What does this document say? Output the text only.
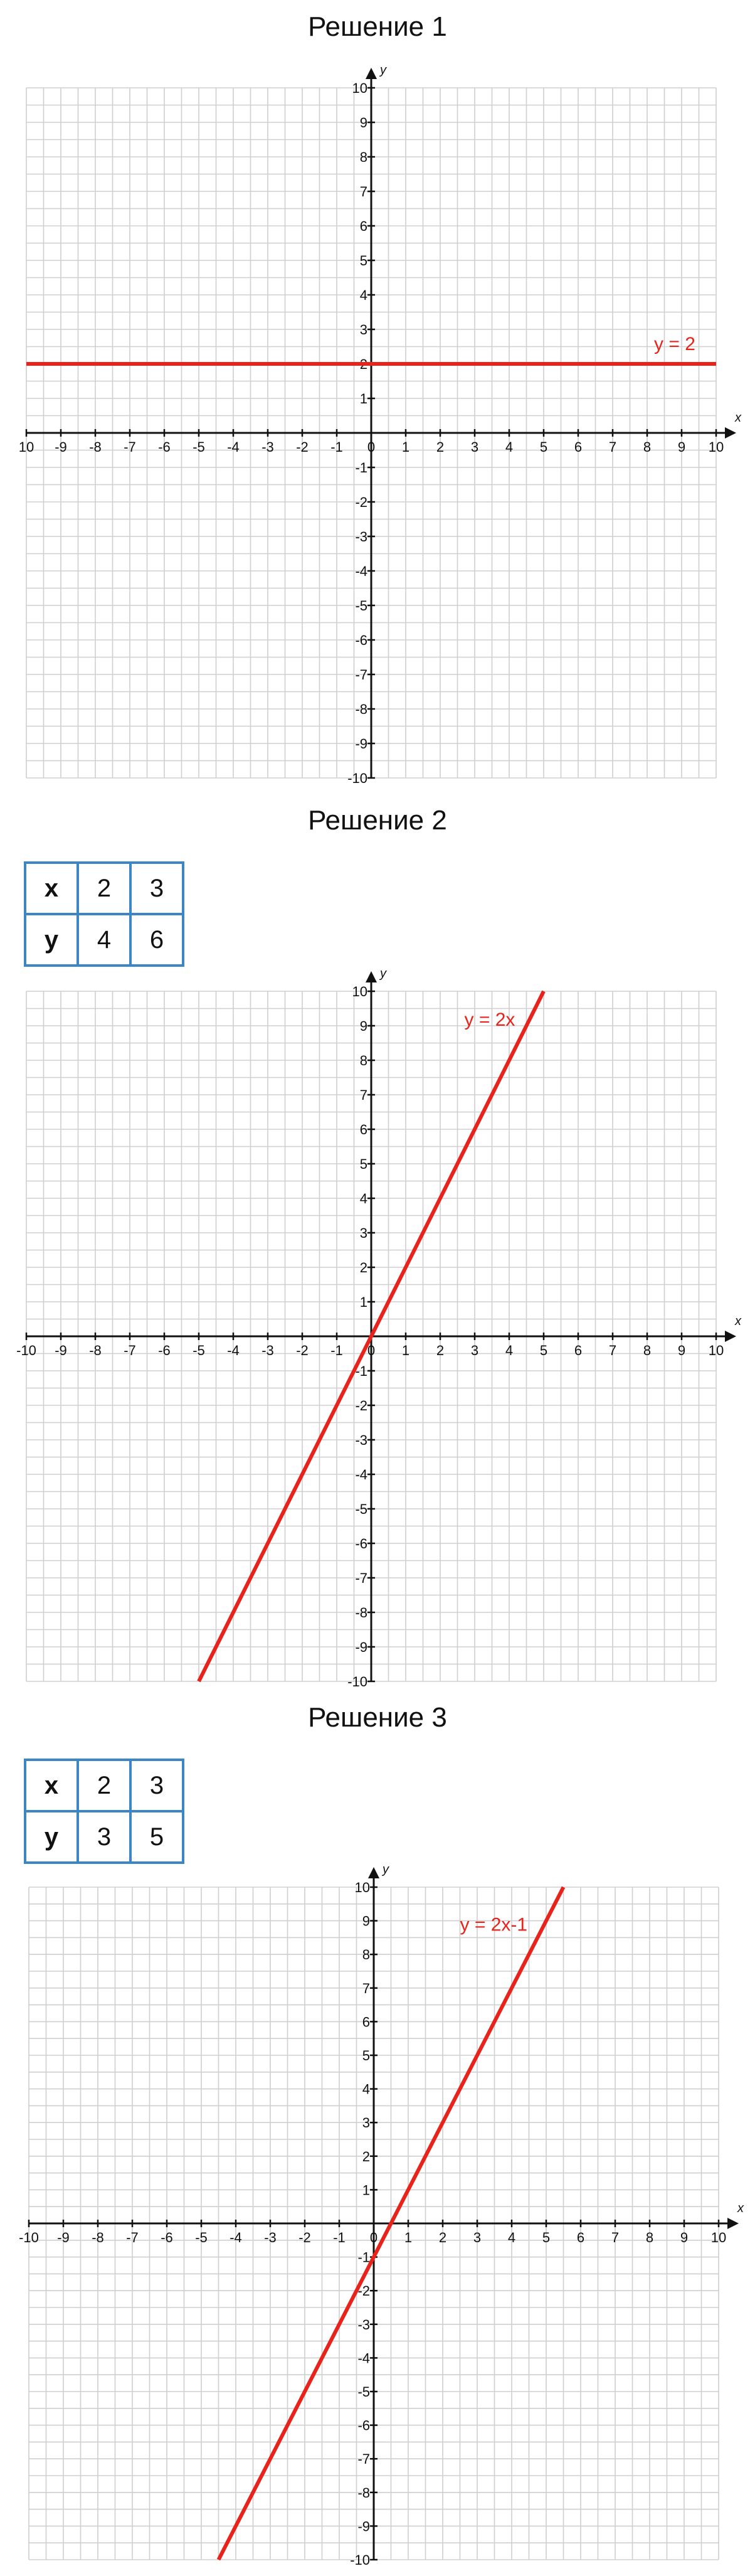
Решение 1
x
y
10 -9 -8 -7 -6 -5 -4 -3 -2 -1 0 1 2 3 4 5 6 7 8 9 10
10
9
8
7
6
5
4
3
2
1
-1
-2
-3
-4
-5
-6
-7
-8
-9
-10
y = 2
Решение 2
x	2	3
y	4	6
x
y
-10 -9 -8 -7 -6 -5 -4 -3 -2 -1 0 1 2 3 4 5 6 7 8 9 10
10
9
8
7
6
5
4
3
2
1
-1
-2
-3
-4
-5
-6
-7
-8
-9
-10
y = 2x
Решение 3
x	2	3
y	3	5
x
y
-10 -9 -8 -7 -6 -5 -4 -3 -2 -1 0 1 2 3 4 5 6 7 8 9 10
10
9
8
7
6
5
4
3
2
1
-1
-2
-3
-4
-5
-6
-7
-8
-9
-10
y = 2x-1
